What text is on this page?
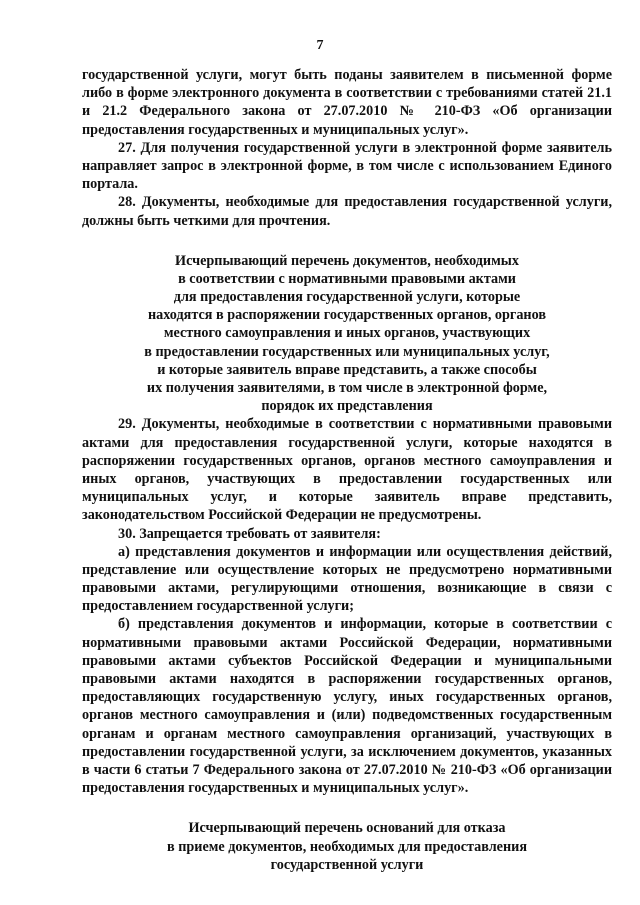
7
государственной услуги, могут быть поданы заявителем в письменной форме
либо в форме электронного документа в соответствии с требованиями статей 21.1
и 21.2 Федерального закона от 27.07.2010 № 210-ФЗ «Об организации
предоставления государственных и муниципальных услуг».
27. Для получения государственной услуги в электронной форме заявитель
направляет запрос в электронной форме, в том числе с использованием Единого
портала.
28. Документы, необходимые для предоставления государственной услуги,
должны быть четкими для прочтения.
Исчерпывающий перечень документов, необходимых
в соответствии с нормативными правовыми актами
для предоставления государственной услуги, которые
находятся в распоряжении государственных органов, органов
местного самоуправления и иных органов, участвующих
в предоставлении государственных или муниципальных услуг,
и которые заявитель вправе представить, а также способы
их получения заявителями, в том числе в электронной форме,
порядок их представления
29. Документы, необходимые в соответствии с нормативными правовыми
актами для предоставления государственной услуги, которые находятся в
распоряжении государственных органов, органов местного самоуправления и
иных органов, участвующих в предоставлении государственных или
муниципальных услуг, и которые заявитель вправе представить,
законодательством Российской Федерации не предусмотрены.
30. Запрещается требовать от заявителя:
а) представления документов и информации или осуществления действий,
представление или осуществление которых не предусмотрено нормативными
правовыми актами, регулирующими отношения, возникающие в связи с
предоставлением государственной услуги;
б) представления документов и информации, которые в соответствии с
нормативными правовыми актами Российской Федерации, нормативными
правовыми актами субъектов Российской Федерации и муниципальными
правовыми актами находятся в распоряжении государственных органов,
предоставляющих государственную услугу, иных государственных органов,
органов местного самоуправления и (или) подведомственных государственным
органам и органам местного самоуправления организаций, участвующих в
предоставлении государственной услуги, за исключением документов, указанных
в части 6 статьи 7 Федерального закона от 27.07.2010 № 210-ФЗ «Об организации
предоставления государственных и муниципальных услуг».
Исчерпывающий перечень оснований для отказа
в приеме документов, необходимых для предоставления
государственной услуги
